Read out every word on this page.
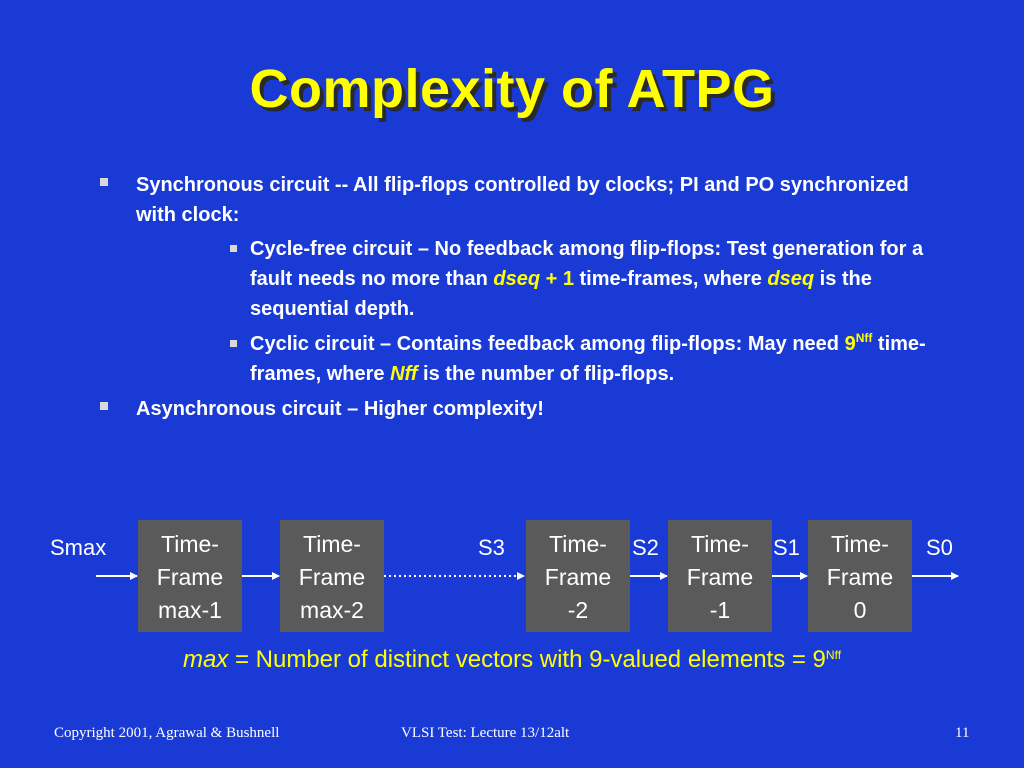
Complexity of ATPG
Synchronous circuit -- All flip-flops controlled by clocks; PI and PO synchronized with clock:
Cycle-free circuit – No feedback among flip-flops: Test generation for a fault needs no more than dseq + 1 time-frames, where dseq is the sequential depth.
Cyclic circuit – Contains feedback among flip-flops: May need $9^{Nff}$ time-frames, where Nff is the number of flip-flops.
Asynchronous circuit – Higher complexity!
Smax	Time-
Frame
max-1
Time-
Frame
max-2
Time-
Frame
-2
Time-
Frame
-1
Time-
Frame
0
S3	S2	S1	S0
max = Number of distinct vectors with 9-valued elements = $9^{Nff}$
Copyright 2001, Agrawal & Bushnell	VLSI Test: Lecture 13/12alt	11
